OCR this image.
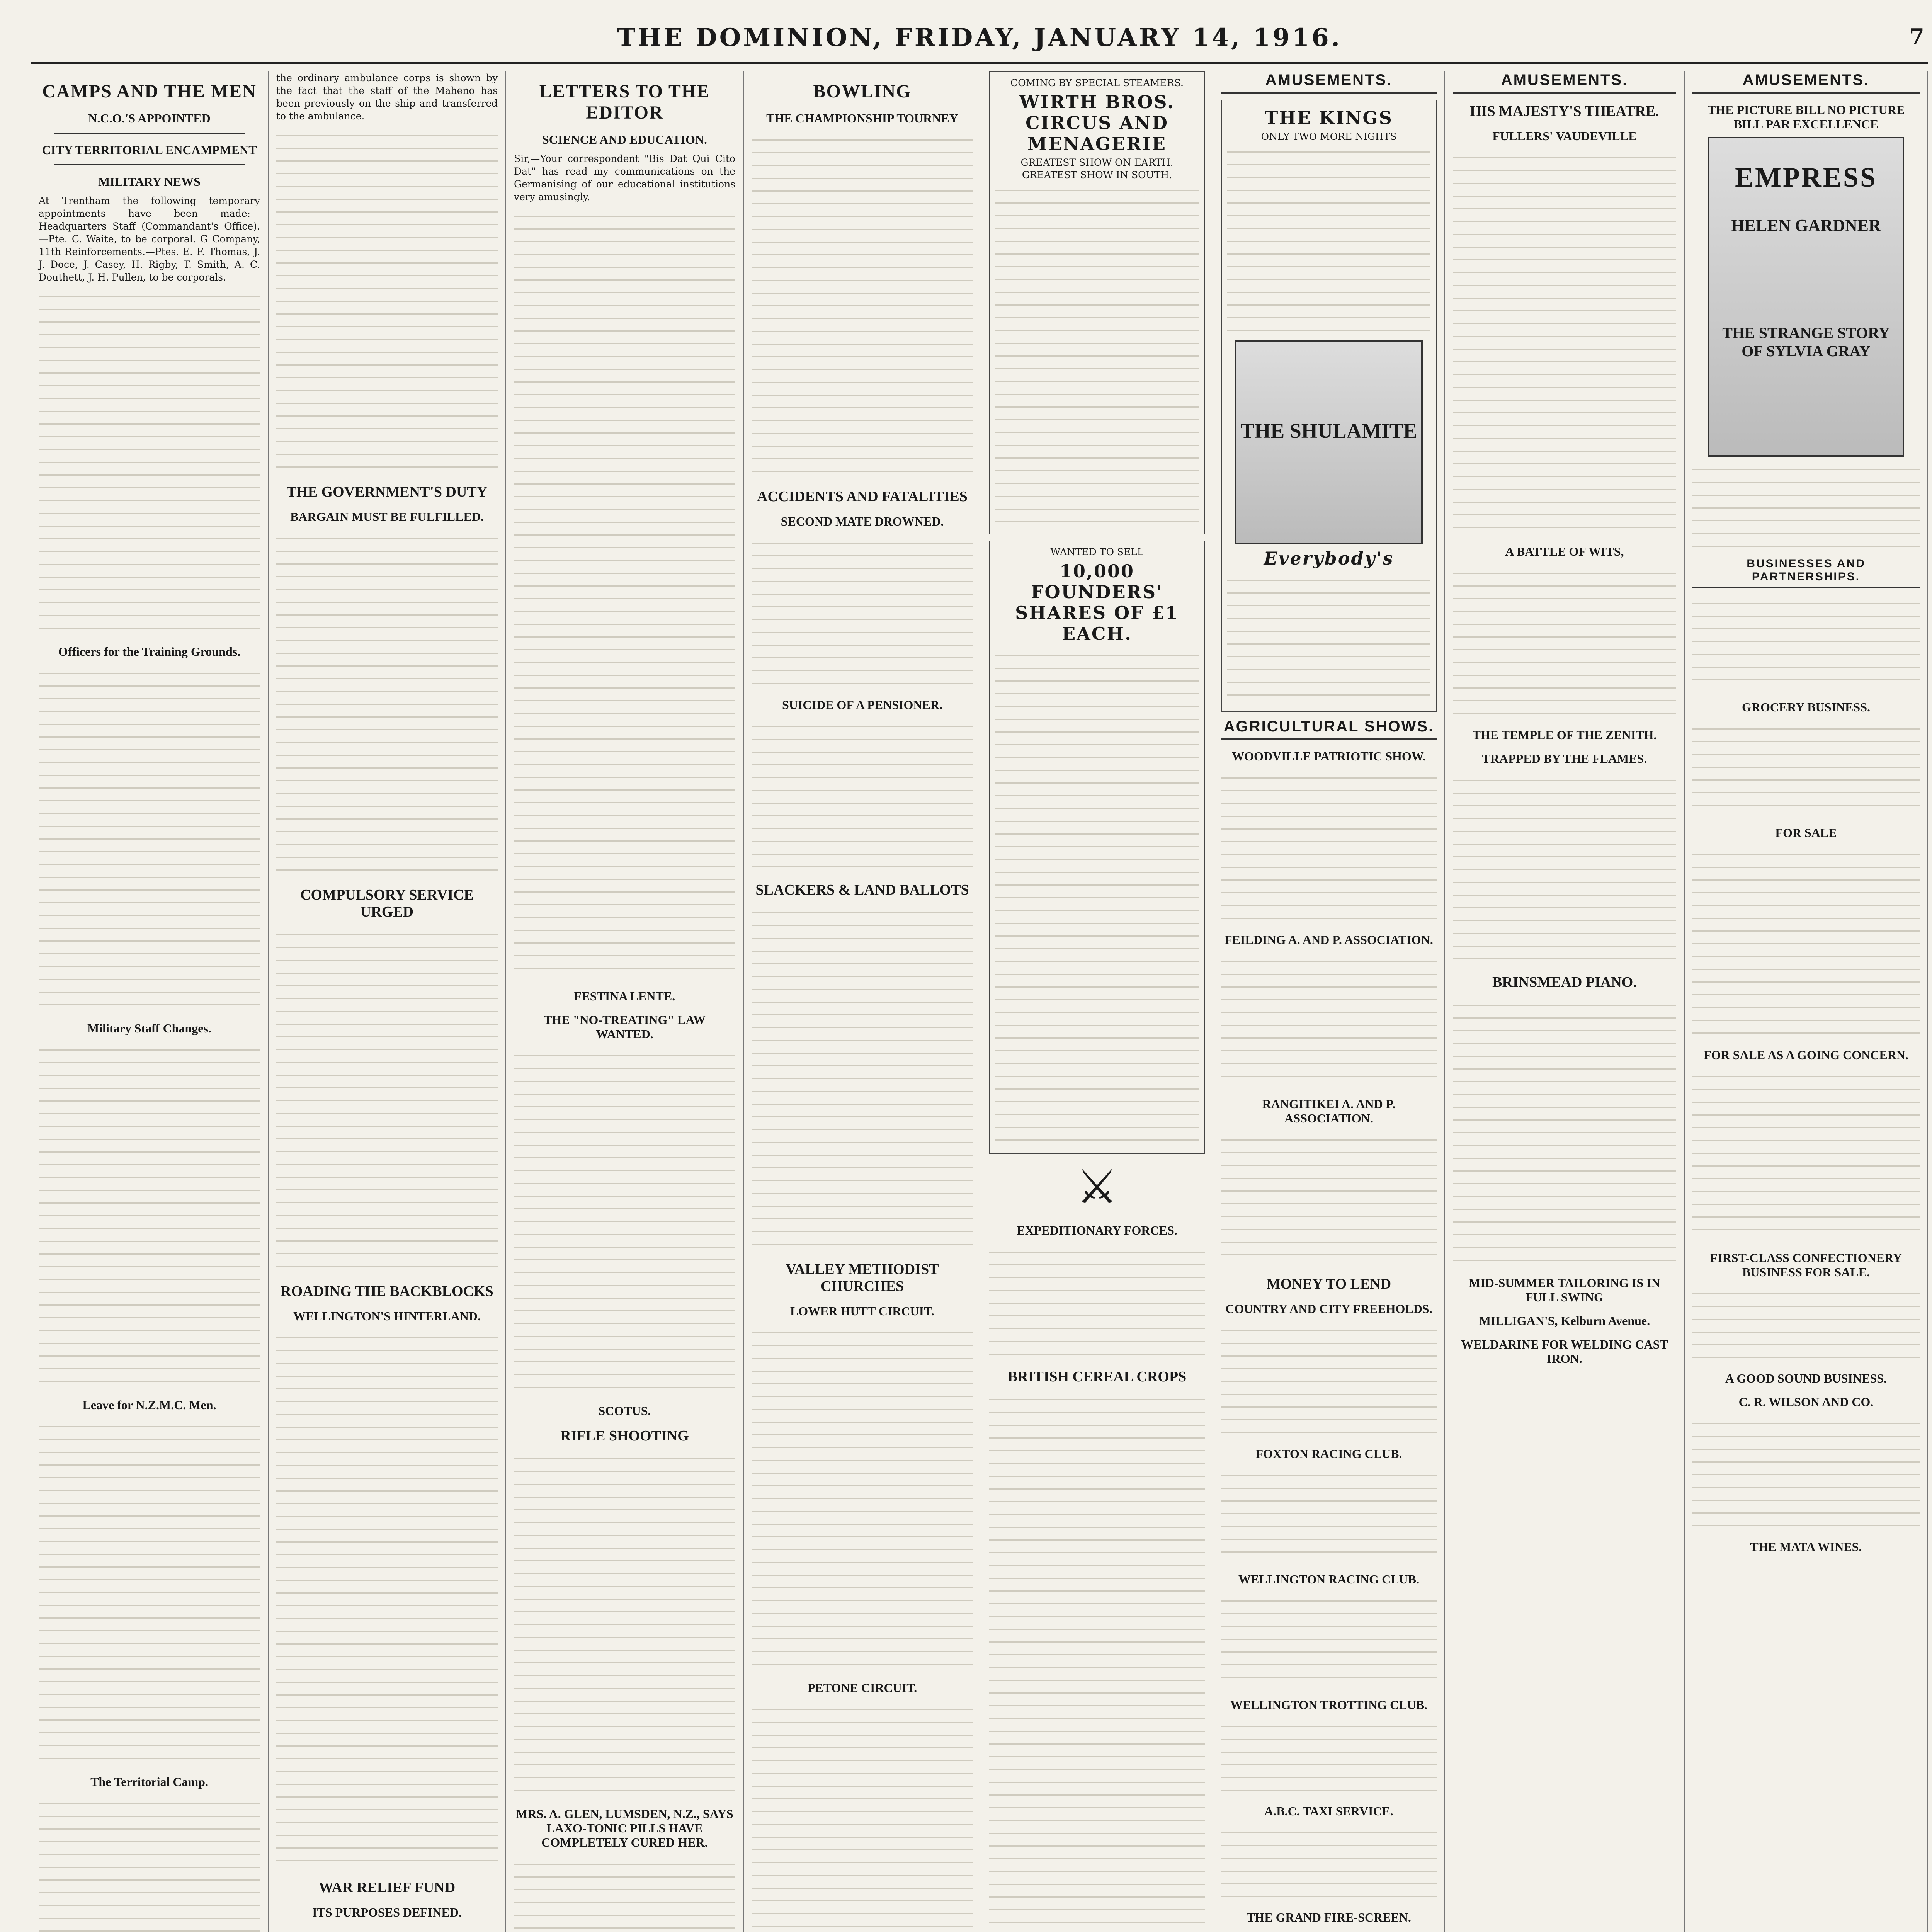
THE DOMINION, FRIDAY, JANUARY 14, 1916.	7
CAMPS AND THE MEN
N.C.O.'S APPOINTED
CITY TERRITORIAL ENCAMPMENT
MILITARY NEWS

At Trentham the following temporary appointments have been made:— Headquarters Staff (Commandant's Office).—Pte. C. Waite, to be corporal. G Company, 11th Reinforcements.—Ptes. E. F. Thomas, J. J. Doce, J. Casey, H. Rigby, T. Smith, A. C. Douthett, J. H. Pullen, to be corporals.

Officers for the Training Grounds.
Military Staff Changes.
Leave for N.Z.M.C. Men.
The Territorial Camp.

the ordinary ambulance corps is shown by the fact that the staff of the Maheno has been previously on the ship and transferred to the ambulance.

THE GOVERNMENT'S DUTY
BARGAIN MUST BE FULFILLED.
COMPULSORY SERVICE URGED
ROADING THE BACKBLOCKS
WELLINGTON'S HINTERLAND.
WAR RELIEF FUND
ITS PURPOSES DEFINED.
LETTERS TO THE EDITOR
SCIENCE AND EDUCATION.

Sir,—Your correspondent "Bis Dat Qui Cito Dat" has read my communications on the Germanising of our educational institutions very amusingly.

FESTINA LENTE.
THE "NO-TREATING" LAW WANTED.
SCOTUS.
RIFLE SHOOTING
MRS. A. GLEN, LUMSDEN, N.Z., SAYS LAXO-TONIC PILLS HAVE COMPLETELY CURED HER.
BOWLING
THE CHAMPIONSHIP TOURNEY
ACCIDENTS AND FATALITIES
SECOND MATE DROWNED.
SUICIDE OF A PENSIONER.
SLACKERS & LAND BALLOTS
VALLEY METHODIST CHURCHES
LOWER HUTT CIRCUIT.
PETONE CIRCUIT.
COMING BY SPECIAL STEAMERS.
WIRTH BROS. CIRCUS AND MENAGERIE
GREATEST SHOW ON EARTH. GREATEST SHOW IN SOUTH.
WANTED TO SELL
10,000 FOUNDERS' SHARES OF £1 EACH.
⚔
EXPEDITIONARY FORCES.
BRITISH CEREAL CROPS
AMUSEMENTS.
THE KINGS
ONLY TWO MORE NIGHTS
THE SHULAMITE
Everybody's
AGRICULTURAL SHOWS.
WOODVILLE PATRIOTIC SHOW.
FEILDING A. AND P. ASSOCIATION.
RANGITIKEI A. AND P. ASSOCIATION.
MONEY TO LEND
COUNTRY AND CITY FREEHOLDS.
FOXTON RACING CLUB.
WELLINGTON RACING CLUB.
WELLINGTON TROTTING CLUB.
A.B.C. TAXI SERVICE.
THE GRAND FIRE-SCREEN.
AMUSEMENTS.
HIS MAJESTY'S THEATRE.
FULLERS' VAUDEVILLE
A BATTLE OF WITS,
THE TEMPLE OF THE ZENITH.
TRAPPED BY THE FLAMES.
BRINSMEAD PIANO.
MID-SUMMER TAILORING IS IN FULL SWING
MILLIGAN'S, Kelburn Avenue.
WELDARINE FOR WELDING CAST IRON.
AMUSEMENTS.
THE PICTURE BILL NO PICTURE BILL PAR EXCELLENCE
EMPRESS
HELEN GARDNER
THE STRANGE STORY OF SYLVIA GRAY
BUSINESSES AND PARTNERSHIPS.
GROCERY BUSINESS.
FOR SALE
FOR SALE AS A GOING CONCERN.
FIRST-CLASS CONFECTIONERY BUSINESS FOR SALE.
A GOOD SOUND BUSINESS.
C. R. WILSON AND CO.
THE MATA WINES.
